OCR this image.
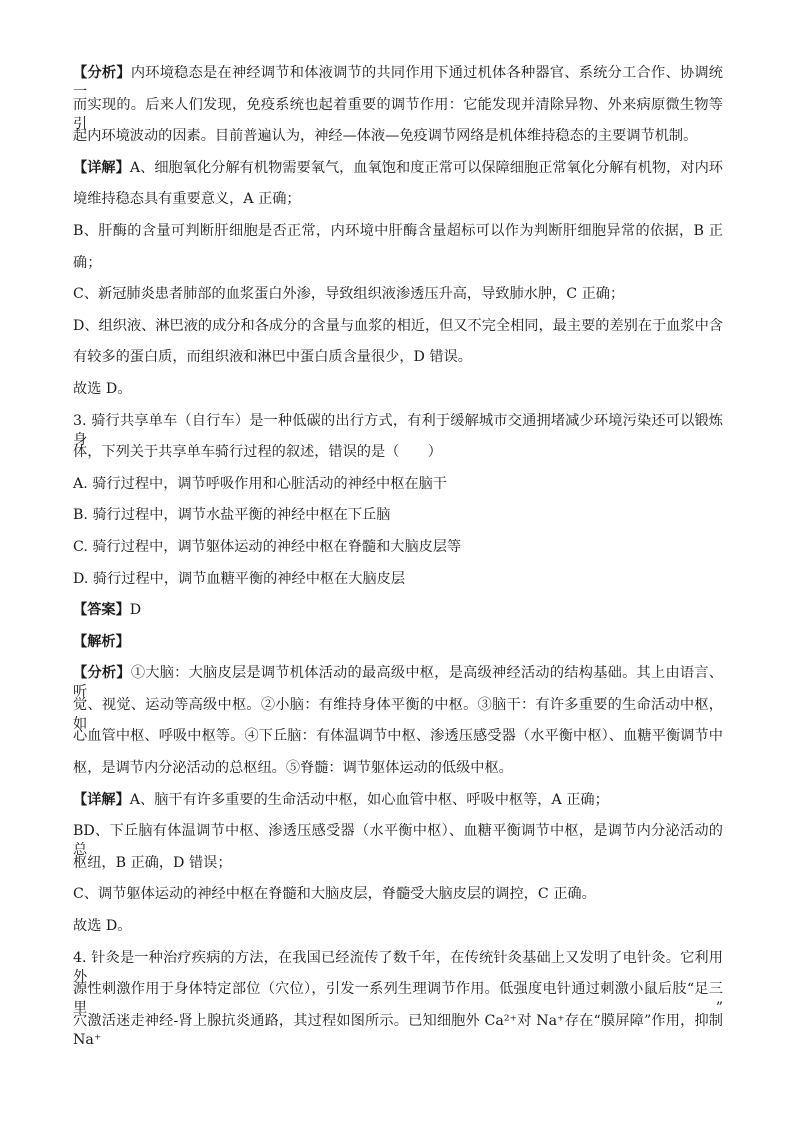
【分析】内环境稳态是在神经调节和体液调节的共同作用下通过机体各种器官、系统分工合作、协调统一
而实现的。后来人们发现，免疫系统也起着重要的调节作用：它能发现并清除异物、外来病原微生物等引
起内环境波动的因素。目前普遍认为，神经—体液—免疫调节网络是机体维持稳态的主要调节机制。
【详解】A、细胞氧化分解有机物需要氧气，血氧饱和度正常可以保障细胞正常氧化分解有机物，对内环
境维持稳态具有重要意义，A 正确；
B、肝酶的含量可判断肝细胞是否正常，内环境中肝酶含量超标可以作为判断肝细胞异常的依据，B 正
确；
C、新冠肺炎患者肺部的血浆蛋白外渗，导致组织液渗透压升高，导致肺水肿，C 正确；
D、组织液、淋巴液的成分和各成分的含量与血浆的相近，但又不完全相同，最主要的差别在于血浆中含
有较多的蛋白质，而组织液和淋巴中蛋白质含量很少，D 错误。
故选 D。
3. 骑行共享单车（自行车）是一种低碳的出行方式，有利于缓解城市交通拥堵减少环境污染还可以锻炼身
体，下列关于共享单车骑行过程的叙述，错误的是（　　）
A. 骑行过程中，调节呼吸作用和心脏活动的神经中枢在脑干
B. 骑行过程中，调节水盐平衡的神经中枢在下丘脑
C. 骑行过程中，调节躯体运动的神经中枢在脊髓和大脑皮层等
D. 骑行过程中，调节血糖平衡的神经中枢在大脑皮层
【答案】D
【解析】
【分析】①大脑：大脑皮层是调节机体活动的最高级中枢，是高级神经活动的结构基础。其上由语言、听
觉、视觉、运动等高级中枢。②小脑：有维持身体平衡的中枢。③脑干：有许多重要的生命活动中枢，如
心血管中枢、呼吸中枢等。④下丘脑：有体温调节中枢、渗透压感受器（水平衡中枢）、血糖平衡调节中
枢，是调节内分泌活动的总枢纽。⑤脊髓：调节躯体运动的低级中枢。
【详解】A、脑干有许多重要的生命活动中枢，如心血管中枢、呼吸中枢等，A 正确；
BD、下丘脑有体温调节中枢、渗透压感受器（水平衡中枢）、血糖平衡调节中枢，是调节内分泌活动的总
枢纽，B 正确，D 错误；
C、调节躯体运动的神经中枢在脊髓和大脑皮层，脊髓受大脑皮层的调控，C 正确。
故选 D。
4. 针灸是一种治疗疾病的方法，在我国已经流传了数千年，在传统针灸基础上又发明了电针灸。它利用外
源性刺激作用于身体特定部位（穴位），引发一系列生理调节作用。低强度电针通过刺激小鼠后肢“足三里”
穴激活迷走神经-肾上腺抗炎通路，其过程如图所示。已知细胞外 Ca²⁺对 Na⁺存在“膜屏障”作用，抑制 Na⁺
